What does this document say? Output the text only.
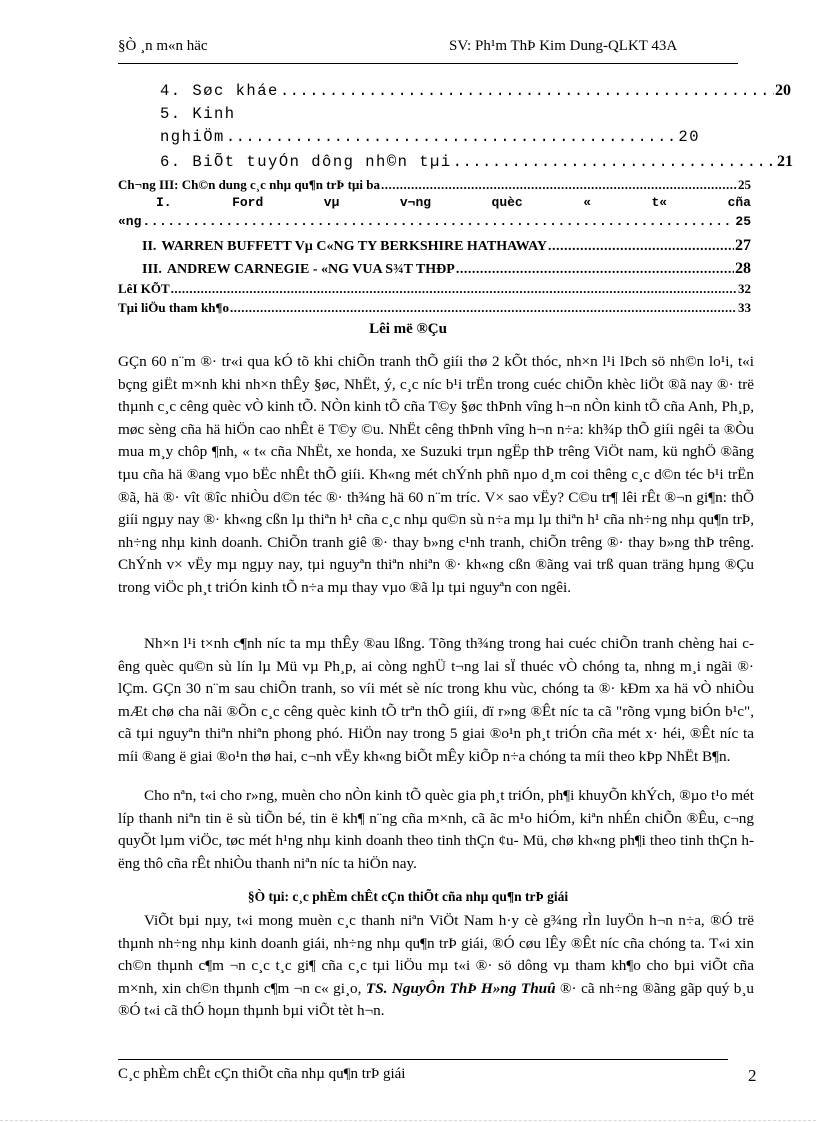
§Ò ¸n m«n häc	SV: Ph¹m ThÞ Kim Dung-QLKT 43A
4. Søc kháe .....	20
5. Kinh
nghiÖm .....	20
6. BiÕt tuyÓn dông nh©n tµi .....	21
Ch¬ng III: Ch©n dung c¸c nhµ qu¶n trÞ tµi ba .....	25
I.	Ford	vµ	v¬ng	quèc	«	t«	cña
«ng .....	25
II. WARREN BUFFETT Vµ C«NG TY BERKSHIRE HATHAWAY .....	27
III. ANDREW CARNEGIE - «NG VUA S¾T THÐP .....	28
LêI KÕT .....	32
Tµi liÖu tham kh¶o .....	33
Lêi më ®Çu

GÇn 60 n¨m ®· tr«i qua kÓ tõ khi chiÕn tranh thÕ giíi thø 2 kÕt thóc, nh×n l¹i lÞch sö nh©n lo¹i, t«i bçng giËt m×nh khi nh×n thÊy §øc, NhËt, ý, c¸c níc b¹i trËn trong cuéc chiÕn khèc liÖt ®ã nay ®· trë thµnh c¸c cêng quèc vÒ kinh tÕ. NÒn kinh tÕ cña T©y §øc thÞnh vîng h¬n nÒn kinh tÕ cña Anh, Ph¸p, møc sèng cña hä hiÖn cao nhÊt ë T©y ©u. NhËt cêng thÞnh vîng h¬n n÷a: kh¾p thÕ giíi ngêi ta ®Òu mua m¸y chôp ¶nh, « t« cña NhËt, xe honda, xe Suzuki trµn ngËp thÞ trêng ViÖt nam, kü nghÖ ®ãng tµu cña hä ®ang vµo bËc nhÊt thÕ giíi. Kh«ng mét chÝnh phñ nµo d¸m coi thêng c¸c d©n téc b¹i trËn ®ã, hä ®· vît ®îc nhiÒu d©n téc ®· th¾ng hä 60 n¨m tríc. V× sao vËy? C©u tr¶ lêi rÊt ®¬n gi¶n: thÕ giíi ngµy nay ®· kh«ng cßn lµ thiªn h¹ cña c¸c nhµ qu©n sù n÷a mµ lµ thiªn h¹ cña nh÷ng nhµ qu¶n trÞ, nh÷ng nhµ kinh doanh. ChiÕn tranh giê ®· thay b»ng c¹nh tranh, chiÕn trêng ®· thay b»ng thÞ trêng. ChÝnh v× vËy mµ ngµy nay, tµi nguyªn thiªn nhiªn ®· kh«ng cßn ®ãng vai trß quan träng hµng ®Çu trong viÖc ph¸t triÓn kinh tÕ n÷a mµ thay vµo ®ã lµ tµi nguyªn con ngêi.

Nh×n l¹i t×nh c¶nh níc ta mµ thÊy ®au lßng. Tõng th¾ng trong hai cuéc chiÕn tranh chèng hai cêng quèc qu©n sù lín lµ Mü vµ Ph¸p, ai còng nghÜ t¬ng lai sÏ thuéc vÒ chóng ta, nhng m¸i ngãi ®· lÇm. GÇn 30 n¨m sau chiÕn tranh, so víi mét sè níc trong khu vùc, chóng ta ®· kÐm xa hä vÒ nhiÒu mÆt chø cha nãi ®Õn c¸c cêng quèc kinh tÕ trªn thÕ giíi, dï r»ng ®Êt níc ta cã "rõng vµng biÓn b¹c", cã tµi nguyªn thiªn nhiªn phong phó. HiÖn nay trong 5 giai ®o¹n ph¸t triÓn cña mét x· héi, ®Êt níc ta míi ®ang ë giai ®o¹n thø hai, c¬nh vËy kh«ng biÕt mÊy kiÕp n÷a chóng ta míi theo kÞp NhËt B¶n.

Cho nªn, t«i cho r»ng, muèn cho nÒn kinh tÕ quèc gia ph¸t triÓn, ph¶i khuyÕn khÝch, ®µo t¹o mét líp thanh niªn tin ë sù tiÕn bé, tin ë kh¶ n¨ng cña m×nh, cã ãc m¹o hiÓm, kiªn nhÉn chiÕn ®Êu, c¬ng quyÕt lµm viÖc, tøc mét h¹ng nhµ kinh doanh theo tinh thÇn ¢u- Mü, chø kh«ng ph¶i theo tinh thÇn hëng thô cña rÊt nhiÒu thanh niªn níc ta hiÖn nay.

§Ò tµi: c¸c phÈm chÊt cÇn thiÕt cña nhµ qu¶n trÞ giái

ViÕt bµi nµy, t«i mong muèn c¸c thanh niªn ViÖt Nam h·y cè g¾ng rÌn luyÖn h¬n n÷a, ®Ó trë thµnh nh÷ng nhµ kinh doanh giái, nh÷ng nhµ qu¶n trÞ giái, ®Ó cøu lÊy ®Êt níc cña chóng ta. T«i xin ch©n thµnh c¶m ¬n c¸c t¸c gi¶ cña c¸c tµi liÖu mµ t«i ®· sö dông vµ tham kh¶o cho bµi viÕt cña m×nh, xin ch©n thµnh c¶m ¬n c« gi¸o, TS. NguyÔn ThÞ H»ng Thuû ®· cã nh÷ng ®ãng gãp quý b¸u ®Ó t«i cã thÓ hoµn thµnh bµi viÕt tèt h¬n.

C¸c phÈm chÊt cÇn thiÕt cña nhµ qu¶n trÞ giái	2
